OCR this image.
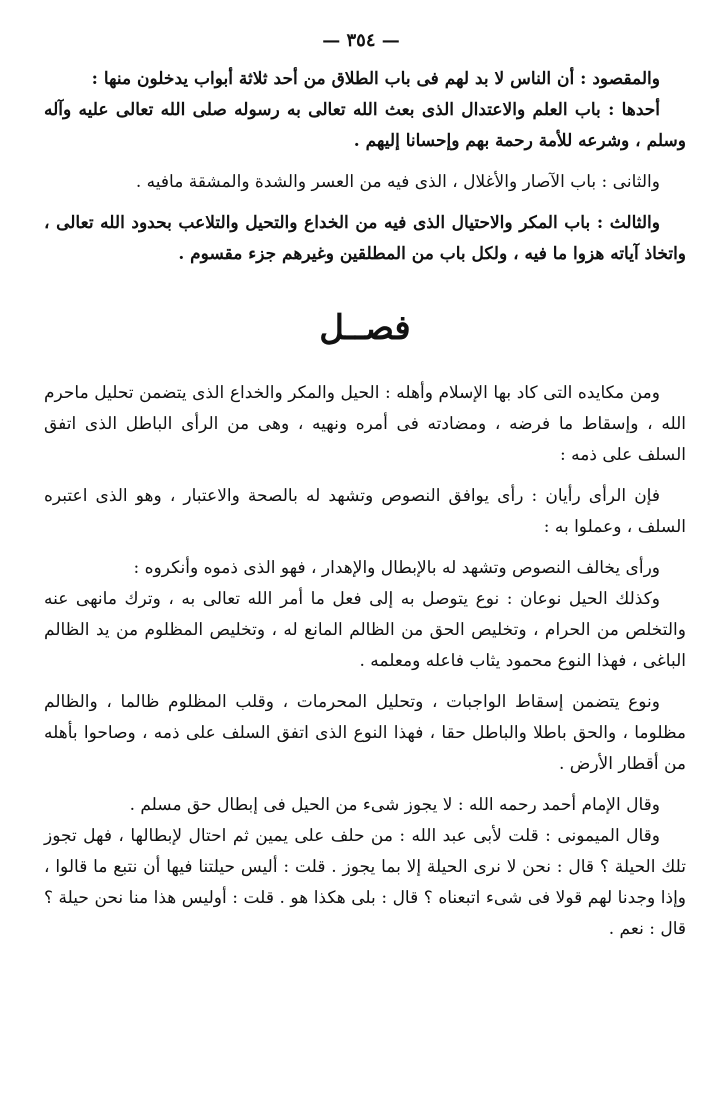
— ٣٥٤ —

والمقصود : أن الناس لا بد لهم فى باب الطلاق من أحد ثلاثة أبواب يدخلون منها :

أحدها : باب العلم والاعتدال الذى بعث الله تعالى به رسوله صلى الله تعالى عليه وآله وسلم ، وشرعه للأمة رحمة بهم وإحسانا إليهم .

والثانى : باب الآصار والأغلال ، الذى فيه من العسر والشدة والمشقة مافيه .

والثالث : باب المكر والاحتيال الذى فيه من الخداع والتحيل والتلاعب بحدود الله تعالى ، واتخاذ آياته هزوا ما فيه ، ولكل باب من المطلقين وغيرهم جزء مقسوم .

فصــل

ومن مكايده التى كاد بها الإسلام وأهله : الحيل والمكر والخداع الذى يتضمن تحليل ماحرم الله ، وإسقاط ما فرضه ، ومضادته فى أمره ونهيه ، وهى من الرأى الباطل الذى اتفق السلف على ذمه :

فإن الرأى رأيان : رأى يوافق النصوص وتشهد له بالصحة والاعتبار ، وهو الذى اعتبره السلف ، وعملوا به :

ورأى يخالف النصوص وتشهد له بالإبطال والإهدار ، فهو الذى ذموه وأنكروه :

وكذلك الحيل نوعان : نوع يتوصل به إلى فعل ما أمر الله تعالى به ، وترك مانهى عنه والتخلص من الحرام ، وتخليص الحق من الظالم المانع له ، وتخليص المظلوم من يد الظالم الباغى ، فهذا النوع محمود يثاب فاعله ومعلمه .

ونوع يتضمن إسقاط الواجبات ، وتحليل المحرمات ، وقلب المظلوم ظالما ، والظالم مظلوما ، والحق باطلا والباطل حقا ، فهذا النوع الذى اتفق السلف على ذمه ، وصاحوا بأهله من أقطار الأرض .

وقال الإمام أحمد رحمه الله : لا يجوز شىء من الحيل فى إبطال حق مسلم .

وقال الميمونى : قلت لأبى عبد الله : من حلف على يمين ثم احتال لإبطالها ، فهل تجوز تلك الحيلة ؟ قال : نحن لا نرى الحيلة إلا بما يجوز . قلت : أليس حيلتنا فيها أن نتبع ما قالوا ، وإذا وجدنا لهم قولا فى شىء اتبعناه ؟ قال : بلى هكذا هو . قلت : أوليس هذا منا نحن حيلة ؟ قال : نعم .
